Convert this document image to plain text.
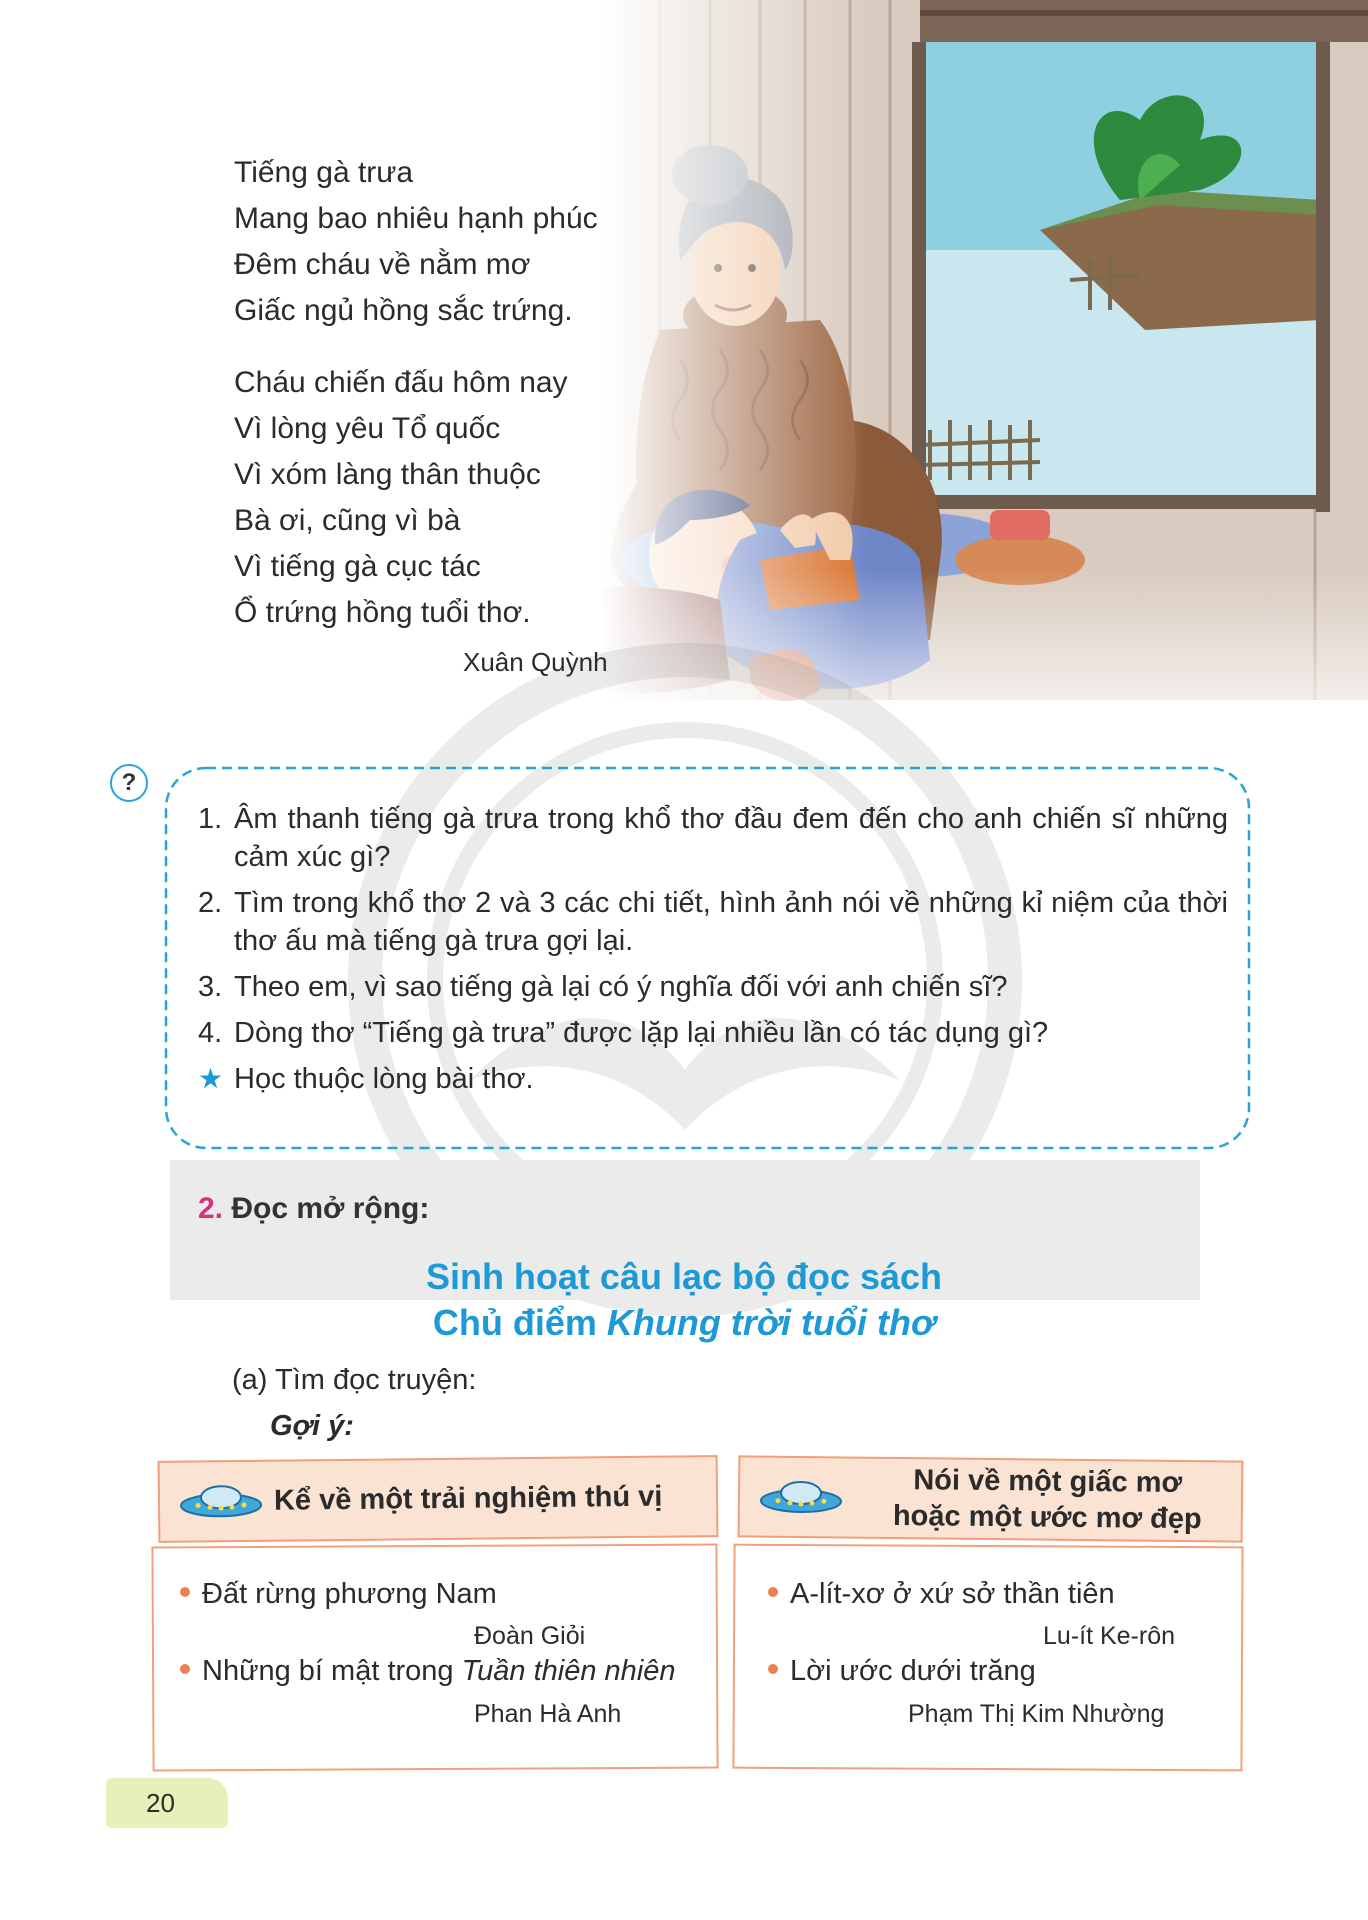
Tiếng gà trưa
Mang bao nhiêu hạnh phúc
Đêm cháu về nằm mơ
Giấc ngủ hồng sắc trứng.
Cháu chiến đấu hôm nay
Vì lòng yêu Tổ quốc
Vì xóm làng thân thuộc
Bà ơi, cũng vì bà
Vì tiếng gà cục tác
Ổ trứng hồng tuổi thơ.
Xuân Quỳnh
?
1. Âm thanh tiếng gà trưa trong khổ thơ đầu đem đến cho anh chiến sĩ những cảm xúc gì?
2. Tìm trong khổ thơ 2 và 3 các chi tiết, hình ảnh nói về những kỉ niệm của thời thơ ấu mà tiếng gà trưa gợi lại.
3. Theo em, vì sao tiếng gà lại có ý nghĩa đối với anh chiến sĩ?
4. Dòng thơ “Tiếng gà trưa” được lặp lại nhiều lần có tác dụng gì?
★ Học thuộc lòng bài thơ.
2. Đọc mở rộng:
Sinh hoạt câu lạc bộ đọc sách
Chủ điểm Khung trời tuổi thơ
(a) Tìm đọc truyện:
Gợi ý:
Kể về một trải nghiệm thú vị
Đất rừng phương Nam
Đoàn Giỏi
Những bí mật trong Tuần thiên nhiên
Phan Hà Anh
Nói về một giấc mơ
hoặc một ước mơ đẹp
A-lít-xơ ở xứ sở thần tiên
Lu-ít Ke-rôn
Lời ước dưới trăng
Phạm Thị Kim Nhường
20
